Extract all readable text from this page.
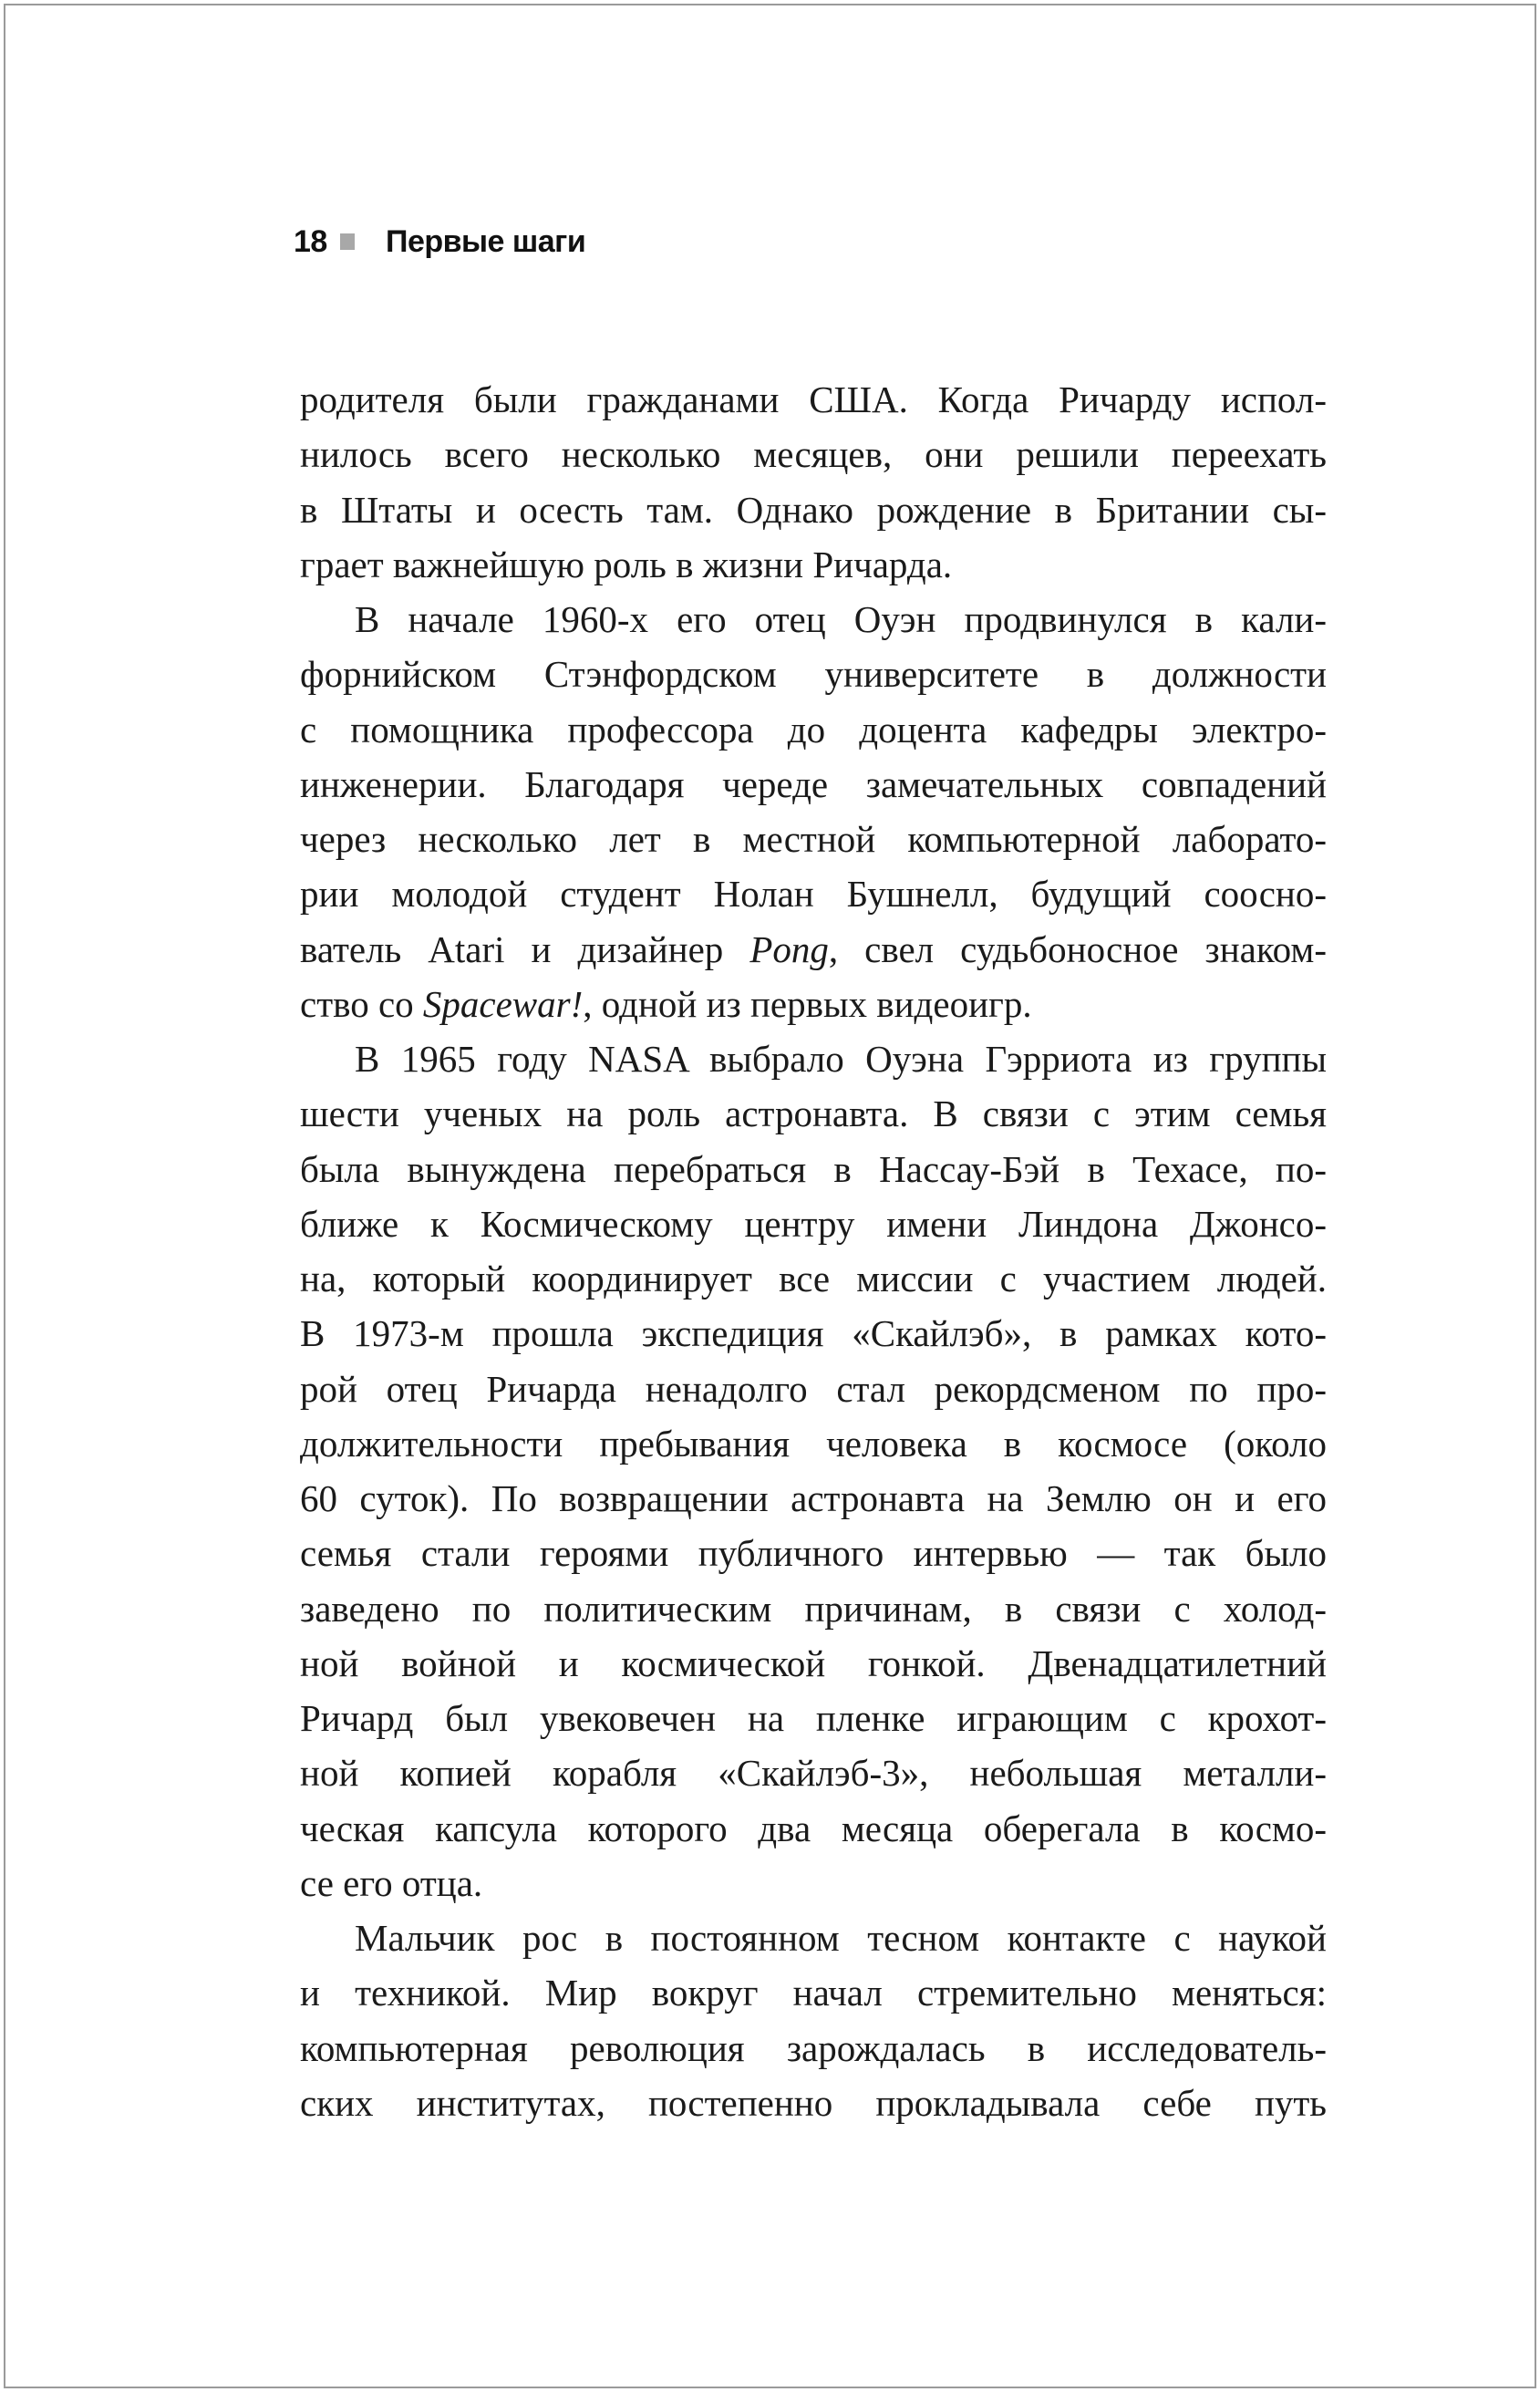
18 Первые шаги
родителя были гражданами США. Когда Ричарду испол-
нилось всего несколько месяцев, они решили переехать
в Штаты и осесть там. Однако рождение в Британии сы-
грает важнейшую роль в жизни Ричарда.
В начале 1960-х его отец Оуэн продвинулся в кали-
форнийском Стэнфордском университете в должности
с помощника профессора до доцента кафедры электро-
инженерии. Благодаря череде замечательных совпадений
через несколько лет в местной компьютерной лаборато-
рии молодой студент Нолан Бушнелл, будущий соосно-
ватель Atari и дизайнер Pong, свел судьбоносное знаком-
ство со Spacewar!, одной из первых видеоигр.
В 1965 году NASA выбрало Оуэна Гэрриота из группы
шести ученых на роль астронавта. В связи с этим семья
была вынуждена перебраться в Нассау-Бэй в Техасе, по-
ближе к Космическому центру имени Линдона Джонсо-
на, который координирует все миссии с участием людей.
В 1973-м прошла экспедиция «Скайлэб», в рамках кото-
рой отец Ричарда ненадолго стал рекордсменом по про-
должительности пребывания человека в космосе (около
60 суток). По возвращении астронавта на Землю он и его
семья стали героями публичного интервью — так было
заведено по политическим причинам, в связи с холод-
ной войной и космической гонкой. Двенадцатилетний
Ричард был увековечен на пленке играющим с крохот-
ной копией корабля «Скайлэб-3», небольшая металли-
ческая капсула которого два месяца оберегала в космо-
се его отца.
Мальчик рос в постоянном тесном контакте с наукой
и техникой. Мир вокруг начал стремительно меняться:
компьютерная революция зарождалась в исследователь-
ских институтах, постепенно прокладывала себе путь
